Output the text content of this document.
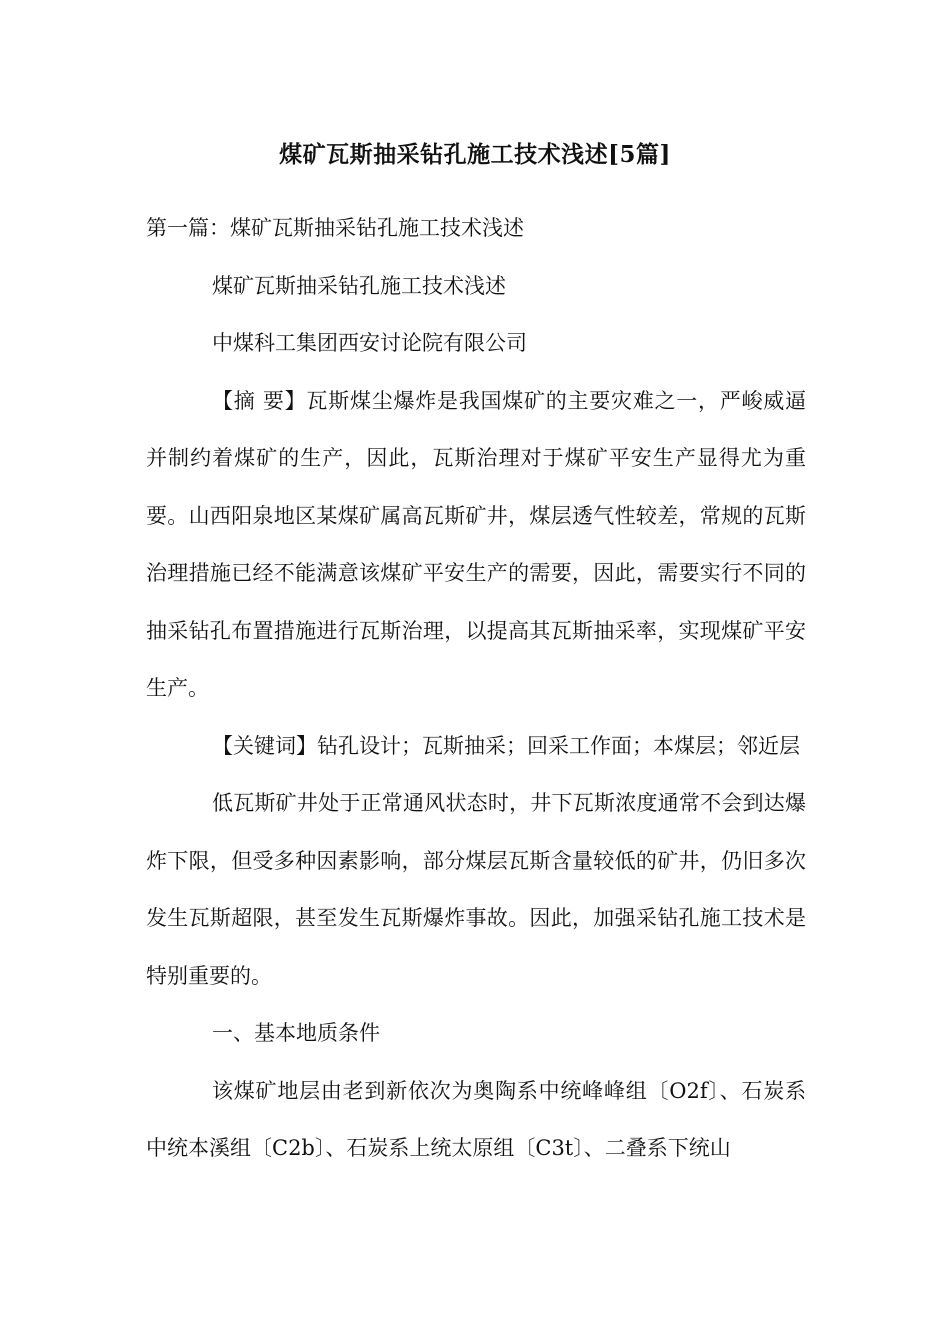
煤矿瓦斯抽采钻孔施工技术浅述[5篇]

第一篇：煤矿瓦斯抽采钻孔施工技术浅述

煤矿瓦斯抽采钻孔施工技术浅述

中煤科工集团西安讨论院有限公司

【摘 要】瓦斯煤尘爆炸是我国煤矿的主要灾难之一，严峻威逼并制约着煤矿的生产，因此，瓦斯治理对于煤矿平安生产显得尤为重要。山西阳泉地区某煤矿属高瓦斯矿井，煤层透气性较差，常规的瓦斯治理措施已经不能满意该煤矿平安生产的需要，因此，需要实行不同的抽采钻孔布置措施进行瓦斯治理，以提高其瓦斯抽采率，实现煤矿平安生产。

【关键词】钻孔设计；瓦斯抽采；回采工作面；本煤层；邻近层

低瓦斯矿井处于正常通风状态时，井下瓦斯浓度通常不会到达爆炸下限，但受多种因素影响，部分煤层瓦斯含量较低的矿井，仍旧多次发生瓦斯超限，甚至发生瓦斯爆炸事故。因此，加强采钻孔施工技术是特别重要的。

一、基本地质条件

该煤矿地层由老到新依次为奥陶系中统峰峰组〔O2f〕、石炭系中统本溪组〔C2b〕、石炭系上统太原组〔C3t〕、二叠系下统山
